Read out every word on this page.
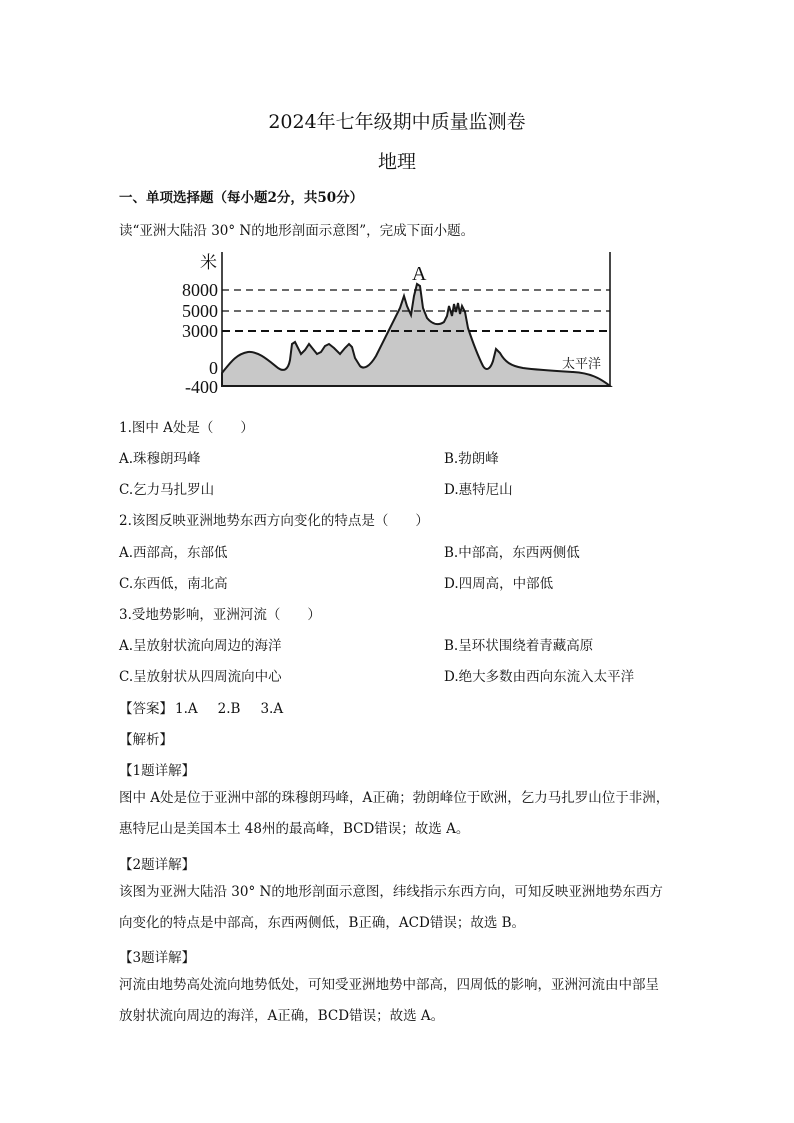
2024年七年级期中质量监测卷
地理
一、单项选择题（每小题2分，共50分）
读“亚洲大陆沿 30° N的地形剖面示意图”，完成下面小题。
米
A
8000
5000
3000
0
-400
太平洋
1.图中 A处是（　　）
A.珠穆朗玛峰	B.勃朗峰
C.乞力马扎罗山	D.惠特尼山
2.该图反映亚洲地势东西方向变化的特点是（　　）
A.西部高，东部低	B.中部高，东西两侧低
C.东西低，南北高	D.四周高，中部低
3.受地势影响，亚洲河流（　　）
A.呈放射状流向周边的海洋	B.呈环状围绕着青藏高原
C.呈放射状从四周流向中心	D.绝大多数由西向东流入太平洋
【答案】 1.A 2.B 3.A
【解析】
【1题详解】
图中 A处是位于亚洲中部的珠穆朗玛峰，A正确；勃朗峰位于欧洲，乞力马扎罗山位于非洲，
惠特尼山是美国本土 48州的最高峰，BCD错误；故选 A。
【2题详解】
该图为亚洲大陆沿 30° N的地形剖面示意图，纬线指示东西方向，可知反映亚洲地势东西方
向变化的特点是中部高，东西两侧低，B正确，ACD错误；故选 B。
【3题详解】
河流由地势高处流向地势低处，可知受亚洲地势中部高，四周低的影响，亚洲河流由中部呈
放射状流向周边的海洋，A正确，BCD错误；故选 A。
